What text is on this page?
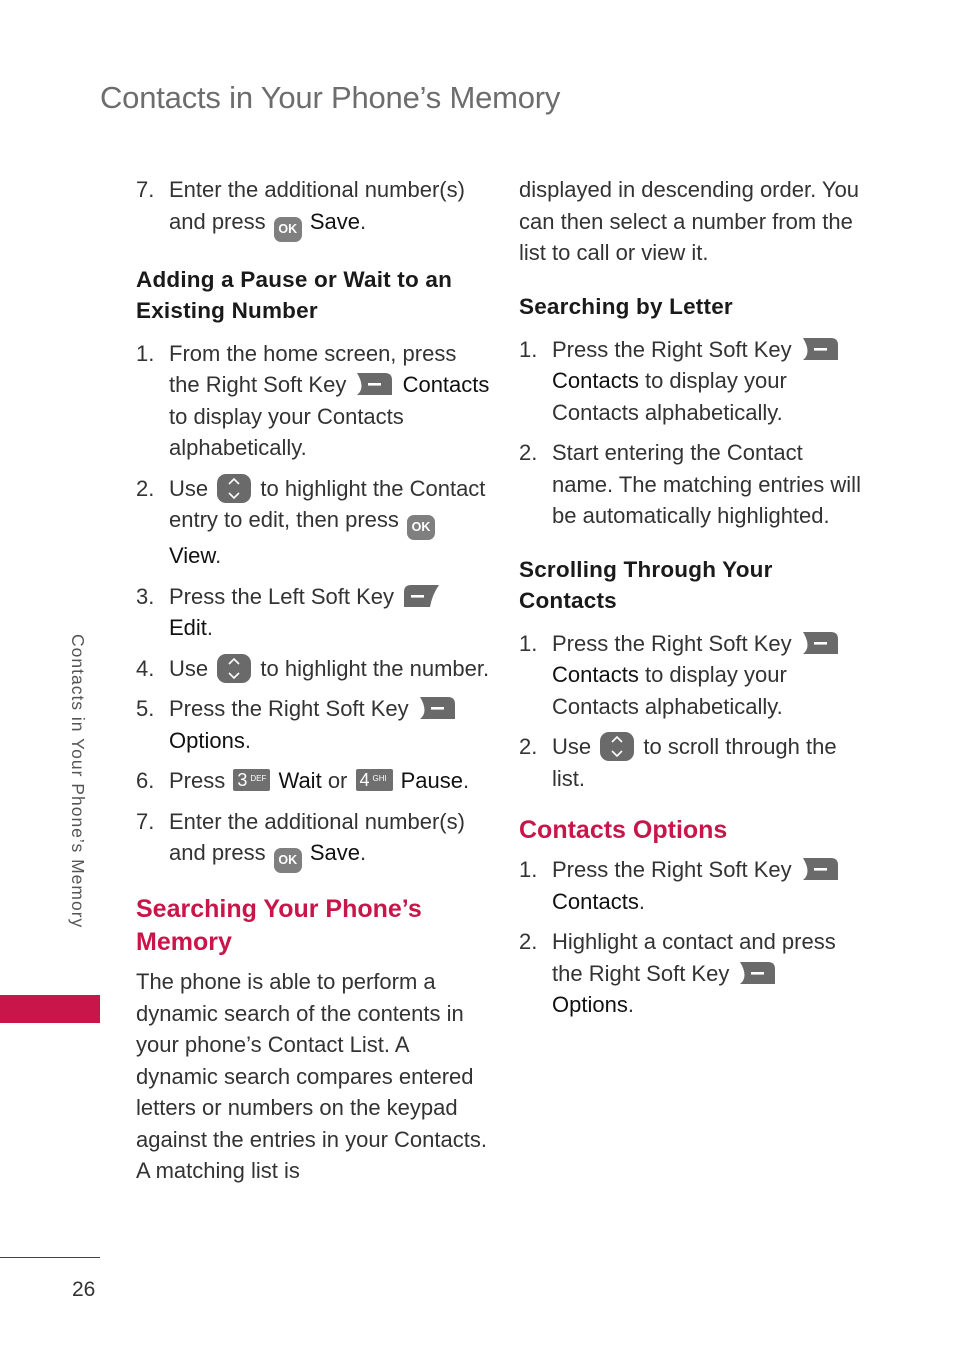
Contacts in Your Phone’s Memory
7. Enter the additional number(s) and press OK Save.
Adding a Pause or Wait to an Existing Number
1. From the home screen, press the Right Soft Key	Contacts to display your Contacts alphabetically.
2. Use to highlight the Contact entry to edit, then press OK View.
3. Press the Left Soft Key
Edit.
4. Use to highlight the number.
5. Press the Right Soft Key
Options.
6. Press 3 DEF Wait or 4 GHI Pause.
7. Enter the additional number(s) and press OK Save.
Searching Your Phone’s Memory
The phone is able to perform a dynamic search of the contents in your phone’s Contact List. A dynamic search compares entered letters or numbers on the keypad against the entries in your Contacts. A matching list is
displayed in descending order. You can then select a number from the list to call or view it.
Searching by Letter
1. Press the Right Soft Key
Contacts to display your Contacts alphabetically.
2. Start entering the Contact name. The matching entries will be automatically highlighted.
Scrolling Through Your Contacts
1. Press the Right Soft Key
Contacts to display your Contacts alphabetically.
2. Use to scroll through the list.
Contacts Options
1. Press the Right Soft Key
Contacts.
2. Highlight a contact and press the Right Soft Key
Options.
Contacts in Your Phone’s Memory
26
